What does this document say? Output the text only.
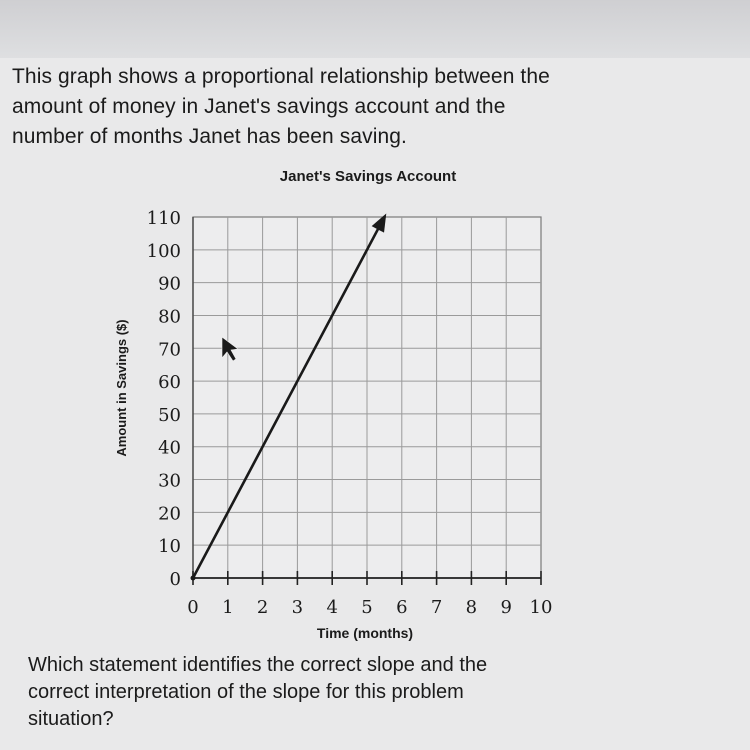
This graph shows a proportional relationship between the
amount of money in Janet's savings account and the
number of months Janet has been saving.
Janet's Savings Account
Time (months)
Amount in Savings ($)
0 1 2 3 4 5 6 7 8 9 10
0
10
20
30
40
50
60
70
80
90
100
110
Which statement identifies the correct slope and the
correct interpretation of the slope for this problem
situation?
